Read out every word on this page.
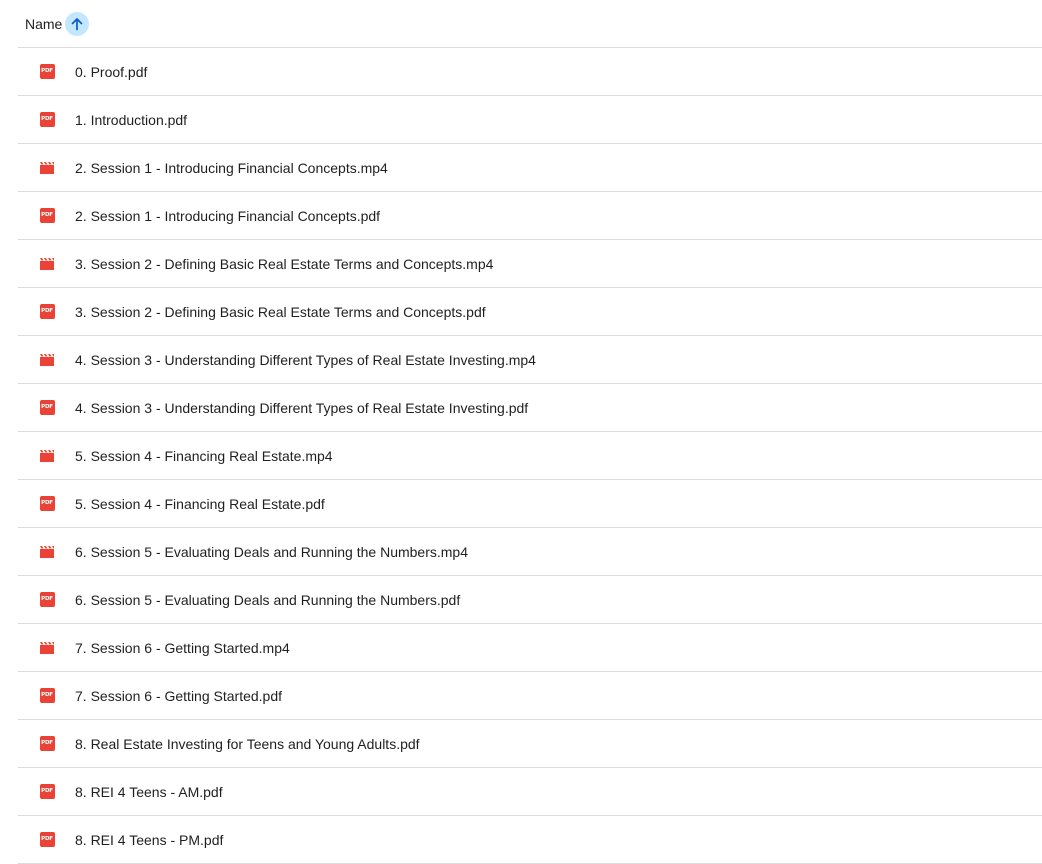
Name
PDF 0. Proof.pdf
PDF 1. Introduction.pdf
2. Session 1 - Introducing Financial Concepts.mp4
PDF 2. Session 1 - Introducing Financial Concepts.pdf
3. Session 2 - Defining Basic Real Estate Terms and Concepts.mp4
PDF 3. Session 2 - Defining Basic Real Estate Terms and Concepts.pdf
4. Session 3 - Understanding Different Types of Real Estate Investing.mp4
PDF 4. Session 3 - Understanding Different Types of Real Estate Investing.pdf
5. Session 4 - Financing Real Estate.mp4
PDF 5. Session 4 - Financing Real Estate.pdf
6. Session 5 - Evaluating Deals and Running the Numbers.mp4
PDF 6. Session 5 - Evaluating Deals and Running the Numbers.pdf
7. Session 6 - Getting Started.mp4
PDF 7. Session 6 - Getting Started.pdf
PDF 8. Real Estate Investing for Teens and Young Adults.pdf
PDF 8. REI 4 Teens - AM.pdf
PDF 8. REI 4 Teens - PM.pdf
